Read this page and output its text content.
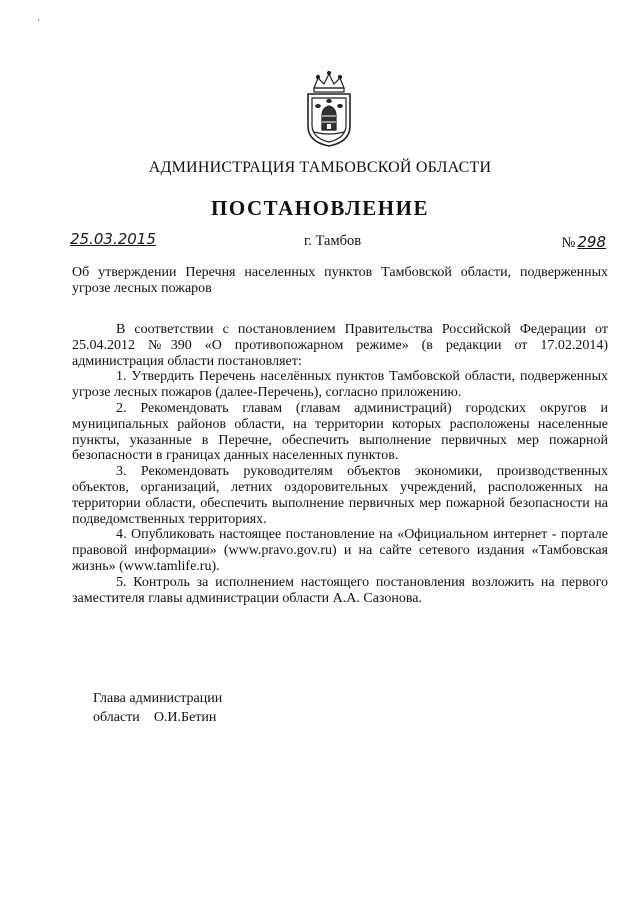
‚
АДМИНИСТРАЦИЯ ТАМБОВСКОЙ ОБЛАСТИ
ПОСТАНОВЛЕНИЕ
25.03.2015	г. Тамбов	№ 298
Об утверждении Перечня населенных пунктов Тамбовской области, подверженных угрозе лесных пожаров

В соответствии с постановлением Правительства Российской Федерации от 25.04.2012 №390 «О противопожарном режиме» (в редакции от 17.02.2014) администрация области постановляет:

1. Утвердить Перечень населённых пунктов Тамбовской области, подверженных угрозе лесных пожаров (далее-Перечень), согласно приложению.

2. Рекомендовать главам (главам администраций) городских округов и муниципальных районов области, на территории которых расположены населенные пункты, указанные в Перечне, обеспечить выполнение первичных мер пожарной безопасности в границах данных населенных пунктов.

3. Рекомендовать руководителям объектов экономики, производственных объектов, организаций, летних оздоровительных учреждений, расположенных на территории области, обеспечить выполнение первичных мер пожарной безопасности на подведомственных территориях.

4. Опубликовать настоящее постановление на «Официальном интернет - портале правовой информации» (www.pravo.gov.ru) и на сайте сетевого издания «Тамбовская жизнь» (www.tamlife.ru).

5. Контроль за исполнением настоящего постановления возложить на первого заместителя главы администрации области А.А. Сазонова.

Глава администрации
области О.И.Бетин
